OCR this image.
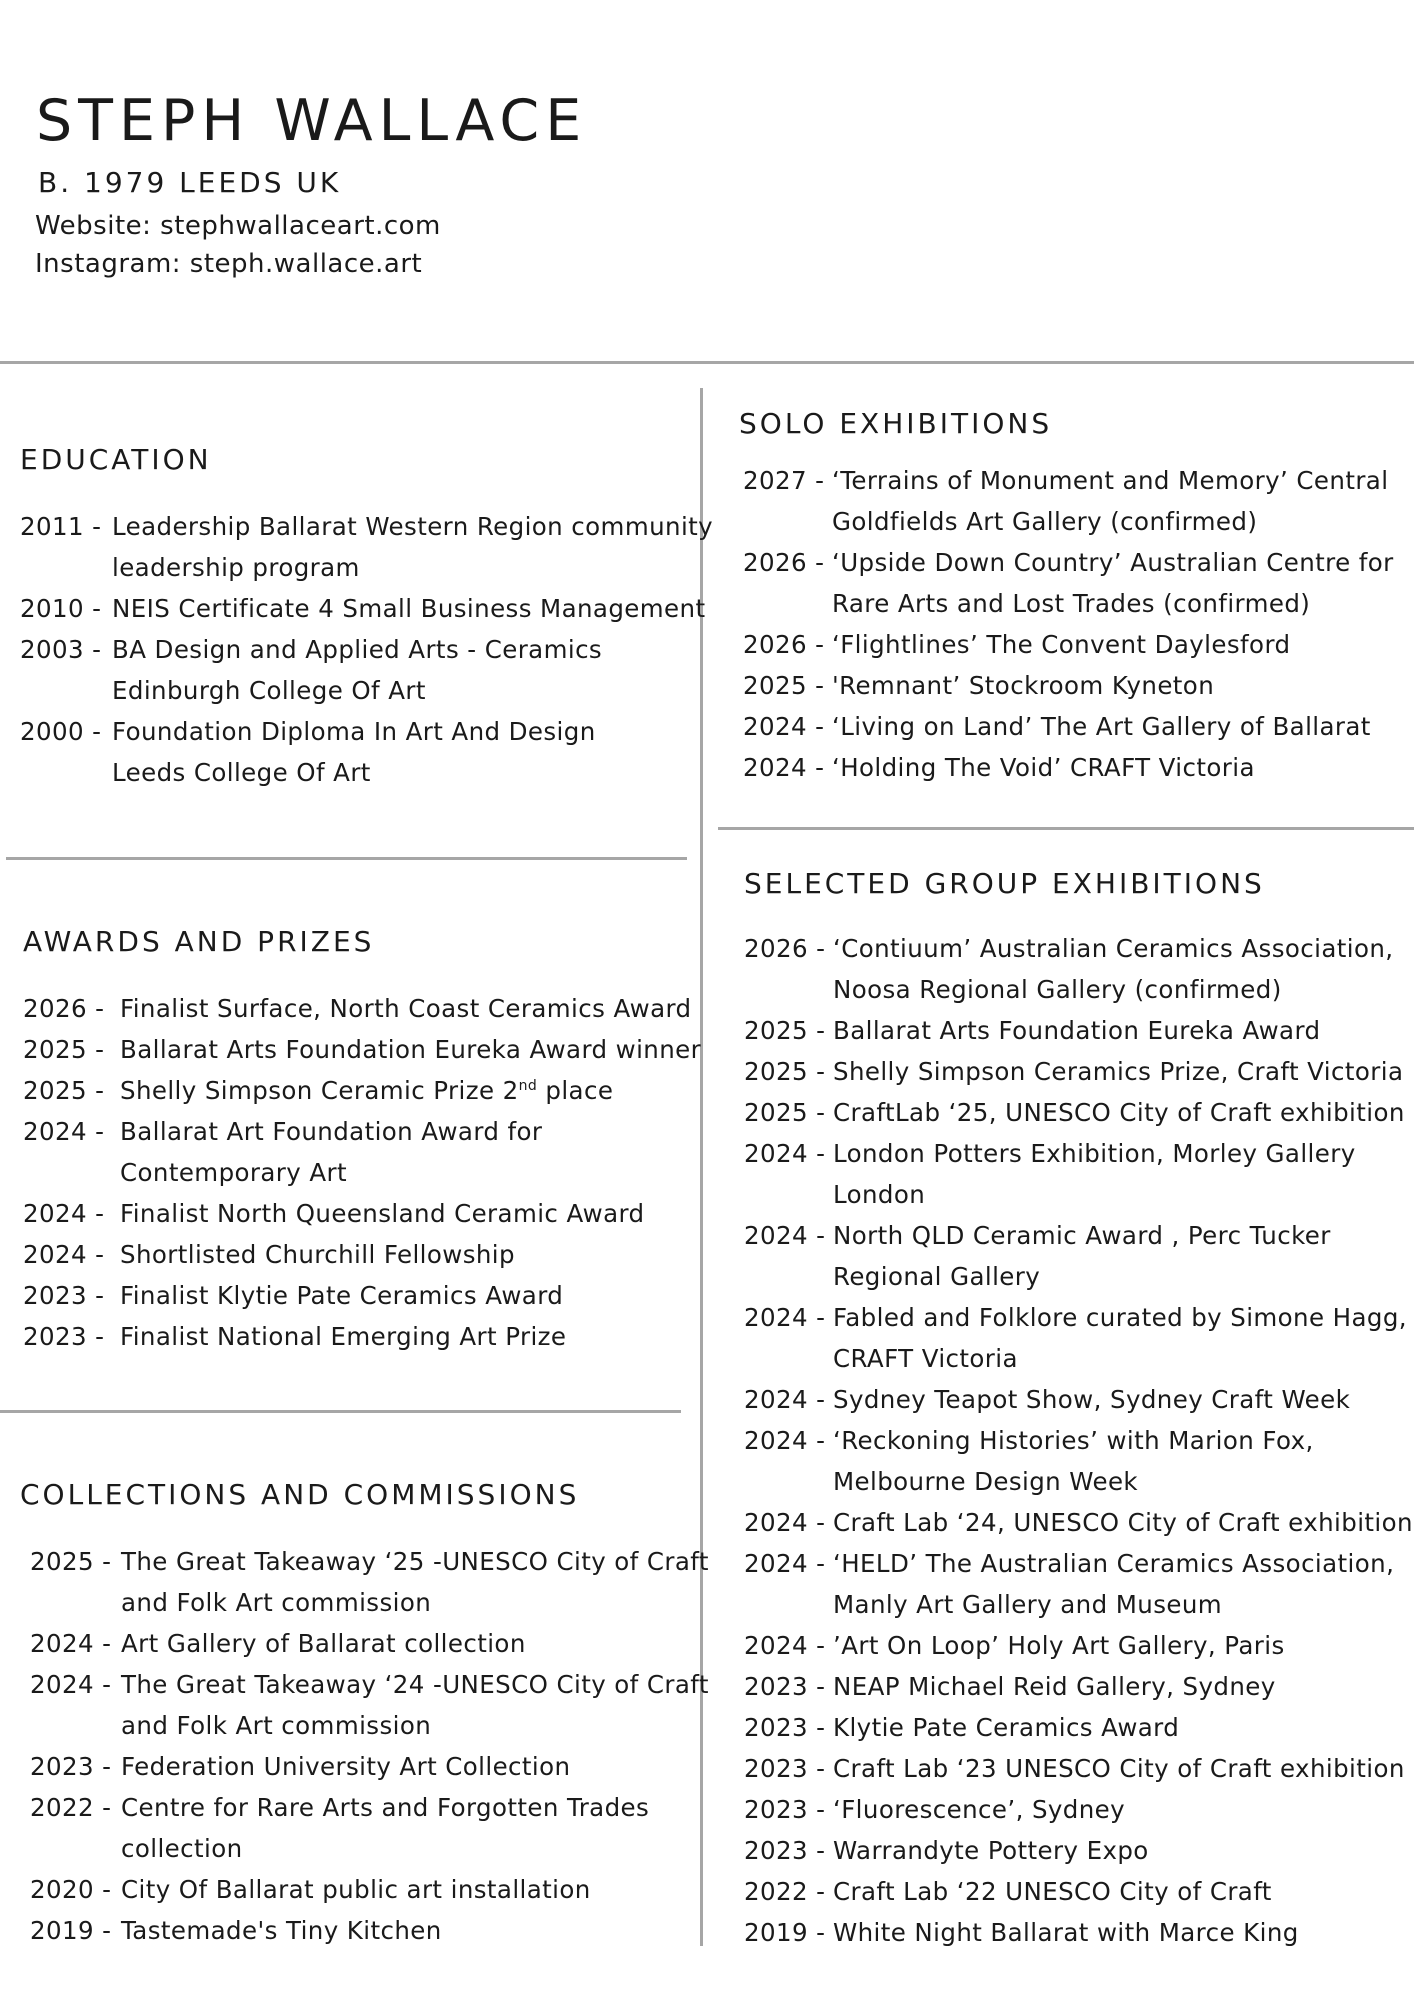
STEPH WALLACE
B. 1979 LEEDS UK
Website: stephwallaceart.com
Instagram: steph.wallace.art
EDUCATION
2011 - Leadership Ballarat Western Region community
leadership program
2010 - NEIS Certificate 4 Small Business Management
2003 - BA Design and Applied Arts - Ceramics
Edinburgh College Of Art
2000 - Foundation Diploma In Art And Design
Leeds College Of Art
AWARDS AND PRIZES
2026 - Finalist Surface, North Coast Ceramics Award
2025 - Ballarat Arts Foundation Eureka Award winner
2025 - Shelly Simpson Ceramic Prize 2nd place
2024 - Ballarat Art Foundation Award for
Contemporary Art
2024 - Finalist North Queensland Ceramic Award
2024 - Shortlisted Churchill Fellowship
2023 - Finalist Klytie Pate Ceramics Award
2023 - Finalist National Emerging Art Prize
COLLECTIONS AND COMMISSIONS
2025 - The Great Takeaway ‘25 -UNESCO City of Craft
and Folk Art commission
2024 - Art Gallery of Ballarat collection
2024 - The Great Takeaway ‘24 -UNESCO City of Craft
and Folk Art commission
2023 - Federation University Art Collection
2022 - Centre for Rare Arts and Forgotten Trades
collection
2020 - City Of Ballarat public art installation
2019 - Tastemade's Tiny Kitchen
SOLO EXHIBITIONS
2027 - ‘Terrains of Monument and Memory’ Central
Goldfields Art Gallery (confirmed)
2026 - ‘Upside Down Country’ Australian Centre for
Rare Arts and Lost Trades (confirmed)
2026 - ‘Flightlines’ The Convent Daylesford
2025 - 'Remnant’ Stockroom Kyneton
2024 - ‘Living on Land’ The Art Gallery of Ballarat
2024 - ‘Holding The Void’ CRAFT Victoria
SELECTED GROUP EXHIBITIONS
2026 - ‘Contiuum’ Australian Ceramics Association,
Noosa Regional Gallery (confirmed)
2025 - Ballarat Arts Foundation Eureka Award
2025 - Shelly Simpson Ceramics Prize, Craft Victoria
2025 - CraftLab ‘25, UNESCO City of Craft exhibition
2024 - London Potters Exhibition, Morley Gallery
London
2024 - North QLD Ceramic Award , Perc Tucker
Regional Gallery
2024 - Fabled and Folklore curated by Simone Hagg,
CRAFT Victoria
2024 - Sydney Teapot Show, Sydney Craft Week
2024 - ‘Reckoning Histories’ with Marion Fox,
Melbourne Design Week
2024 - Craft Lab ‘24, UNESCO City of Craft exhibition
2024 - ‘HELD’ The Australian Ceramics Association,
Manly Art Gallery and Museum
2024 - ’Art On Loop’ Holy Art Gallery, Paris
2023 - NEAP Michael Reid Gallery, Sydney
2023 - Klytie Pate Ceramics Award
2023 - Craft Lab ‘23 UNESCO City of Craft exhibition
2023 - ‘Fluorescence’, Sydney
2023 - Warrandyte Pottery Expo
2022 - Craft Lab ‘22 UNESCO City of Craft
2019 - White Night Ballarat with Marce King
